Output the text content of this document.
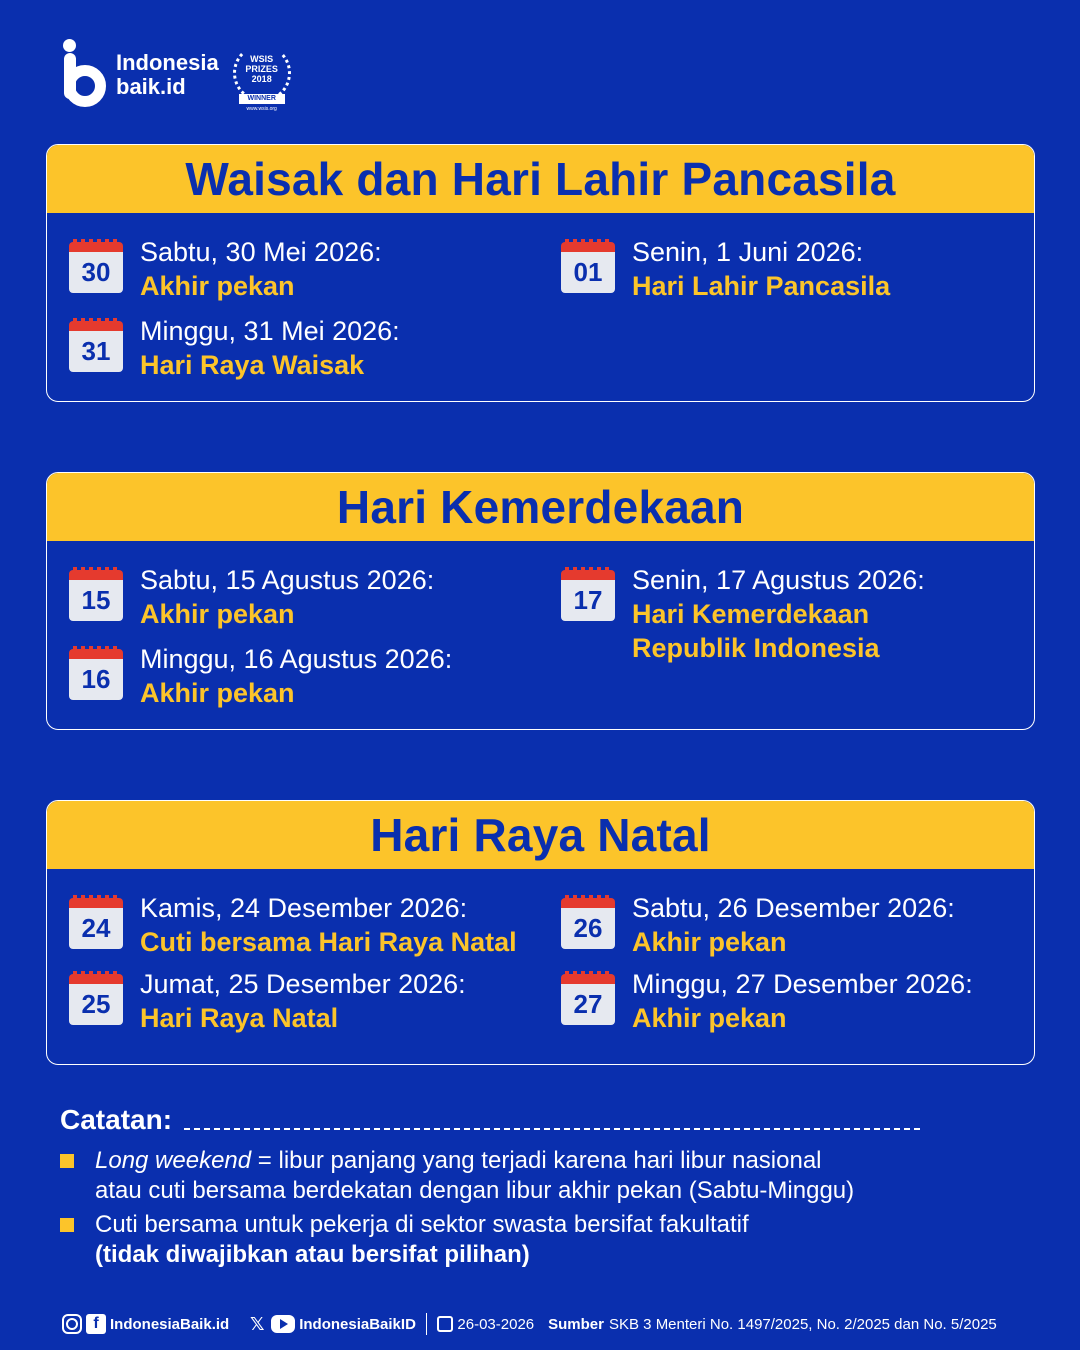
Indonesia
baik.id
WSIS
PRIZES
2018
WINNER
www.wsis.org
Waisak dan Hari Lahir Pancasila
30
Sabtu, 30 Mei 2026:
Akhir pekan
31
Minggu, 31 Mei 2026:
Hari Raya Waisak
01
Senin, 1 Juni 2026:
Hari Lahir Pancasila
Hari Kemerdekaan
15
Sabtu, 15 Agustus 2026:
Akhir pekan
16
Minggu, 16 Agustus 2026:
Akhir pekan
17
Senin, 17 Agustus 2026:
Hari Kemerdekaan
Republik Indonesia
Hari Raya Natal
24
Kamis, 24 Desember 2026:
Cuti bersama Hari Raya Natal
25
Jumat, 25 Desember 2026:
Hari Raya Natal
26
Sabtu, 26 Desember 2026:
Akhir pekan
27
Minggu, 27 Desember 2026:
Akhir pekan
Catatan:
Long weekend = libur panjang yang terjadi karena hari libur nasional
atau cuti bersama berdekatan dengan libur akhir pekan (Sabtu-Minggu)
Cuti bersama untuk pekerja di sektor swasta bersifat fakultatif
(tidak diwajibkan atau bersifat pilihan)
f IndonesiaBaik.id 𝕏 IndonesiaBaikID	26-03-2026 Sumber SKB 3 Menteri No. 1497/2025, No. 2/2025 dan No. 5/2025
